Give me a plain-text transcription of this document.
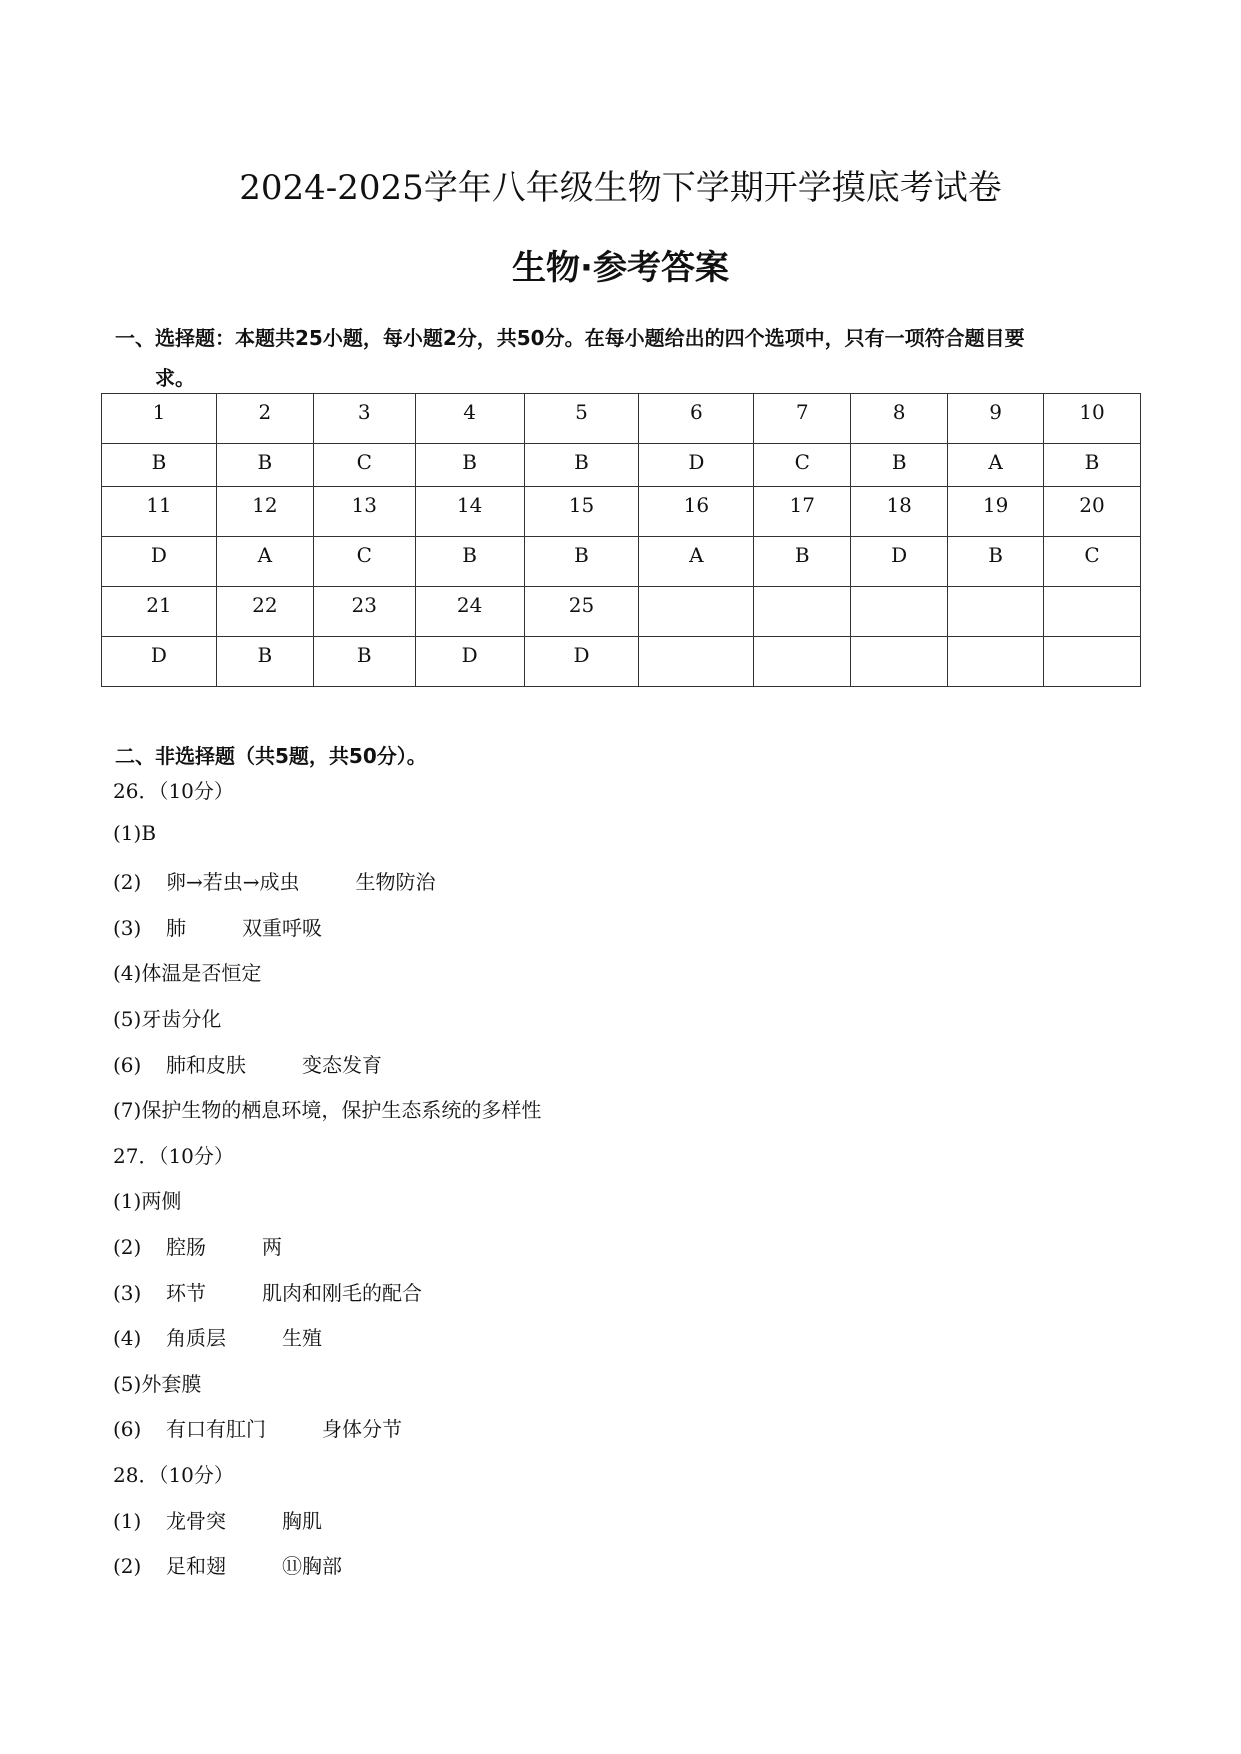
2024-2025学年八年级生物下学期开学摸底考试卷
生物·参考答案
一、选择题：本题共25小题，每小题2分，共50分。在每小题给出的四个选项中，只有一项符合题目要
求。
1	2	3	4	5	6	7	8	9	10
B	B	C	B	B	D	C	B	A	B
11	12	13	14	15	16	17	18	19	20
D	A	C	B	B	A	B	D	B	C
21	22	23	24	25					
D	B	B	D	D					
二、非选择题（共5题，共50分）。
26．（10分）
(1)B
(2) 卵→若虫→成虫	生物防治
(3) 肺	双重呼吸
(4)体温是否恒定
(5)牙齿分化
(6) 肺和皮肤	变态发育
(7)保护生物的栖息环境，保护生态系统的多样性
27．（10分）
(1)两侧
(2) 腔肠	两
(3) 环节	肌肉和刚毛的配合
(4) 角质层	生殖
(5)外套膜
(6) 有口有肛门	身体分节
28．（10分）
(1) 龙骨突	胸肌
(2) 足和翅	⑪胸部
